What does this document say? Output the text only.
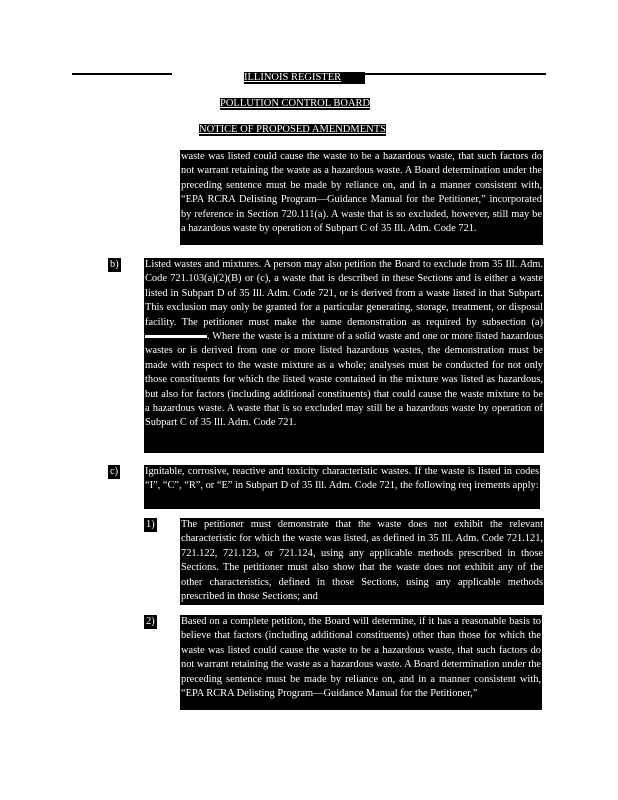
ILLINOIS REGISTER
POLLUTION CONTROL BOARD
NOTICE OF PROPOSED AMENDMENTS
waste was listed could cause the waste to be a hazardous waste, that such factors do not warrant retaining the waste as a hazardous waste. A Board determination under the preceding sentence must be made by reliance on, and in a manner consistent with, “EPA RCRA Delisting Program—Guidance Manual for the Petitioner,” incorporated by reference in Section 720.111(a). A waste that is so excluded, however, still may be a hazardous waste by operation of Subpart C of 35 Ill. Adm. Code 721.
b)	Listed wastes and mixtures. A person may also petition the Board to exclude from 35 Ill. Adm. Code 721.103(a)(2)(B) or (c), a waste that is described in these Sections and is either a waste listed in Subpart D of 35 Ill. Adm. Code 721, or is derived from a waste listed in that Subpart. This exclusion may only be granted for a particular generating, storage, treatment, or disposal facility. The petitioner must make the same demonstration as required by subsection (a) . Where the waste is a mixture of a solid waste and one or more listed hazardous wastes or is derived from one or more listed hazardous wastes, the demonstration must be made with respect to the waste mixture as a whole; analyses must be conducted for not only those constituents for which the listed waste contained in the mixture was listed as hazardous, but also for factors (including additional constituents) that could cause the waste mixture to be a hazardous waste. A waste that is so excluded may still be a hazardous waste by operation of Subpart C of 35 Ill. Adm. Code 721.
c)	Ignitable, corrosive, reactive and toxicity characteristic wastes. If the waste is listed in codes “I”, “C”, “R”, or “E” in Subpart D of 35 Ill. Adm. Code 721, the following req irements apply:
1)	The petitioner must demonstrate that the waste does not exhibit the relevant characteristic for which the waste was listed, as defined in 35 Ill. Adm. Code 721.121, 721.122, 721.123, or 721.124, using any applicable methods prescribed in those Sections. The petitioner must also show that the waste does not exhibit any of the other characteristics, defined in those Sections, using any applicable methods prescribed in those Sections; and
2)	Based on a complete petition, the Board will determine, if it has a reasonable basis to believe that factors (including additional constituents) other than those for which the waste was listed could cause the waste to be a hazardous waste, that such factors do not warrant retaining the waste as a hazardous waste. A Board determination under the preceding sentence must be made by reliance on, and in a manner consistent with, “EPA RCRA Delisting Program—Guidance Manual for the Petitioner,”
